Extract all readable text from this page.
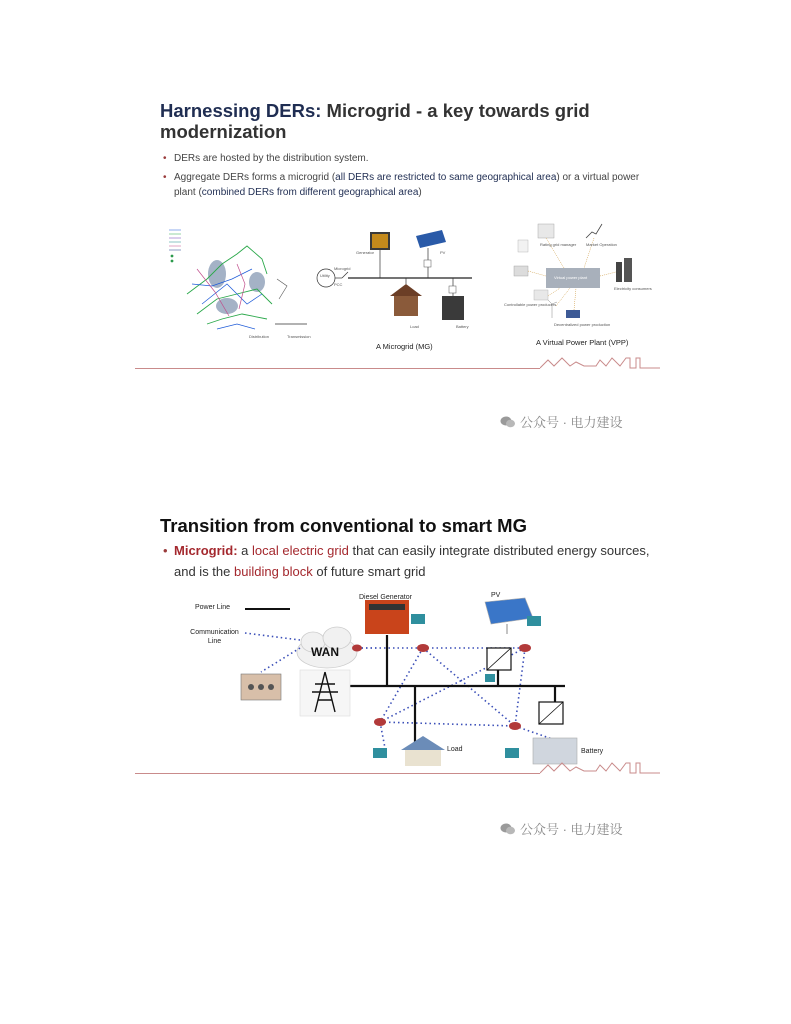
Harnessing DERs: Microgrid - a key towards grid modernization
• DERs are hosted by the distribution system.
• Aggregate DERs forms a microgrid (all DERs are restricted to same geographical area) or a virtual power plant (combined DERs from different geographical area)
Distribution	Transmission
Generator	PV
Utility
Microgrid
PCC
Load	Battery
A Microgrid (MG)
Virtual power plant
Rating grid manager Market Operation
Controllable power producers
Decentralized power production
Electricity consumers
A Virtual Power Plant (VPP)
公众号 · 电力建设
Transition from conventional to smart MG
• Microgrid: a local electric grid that can easily integrate distributed energy sources, and is the building block of future smart grid
Power Line
Communication Line
WAN
Diesel Generator	PV
Load	Battery
公众号 · 电力建设
